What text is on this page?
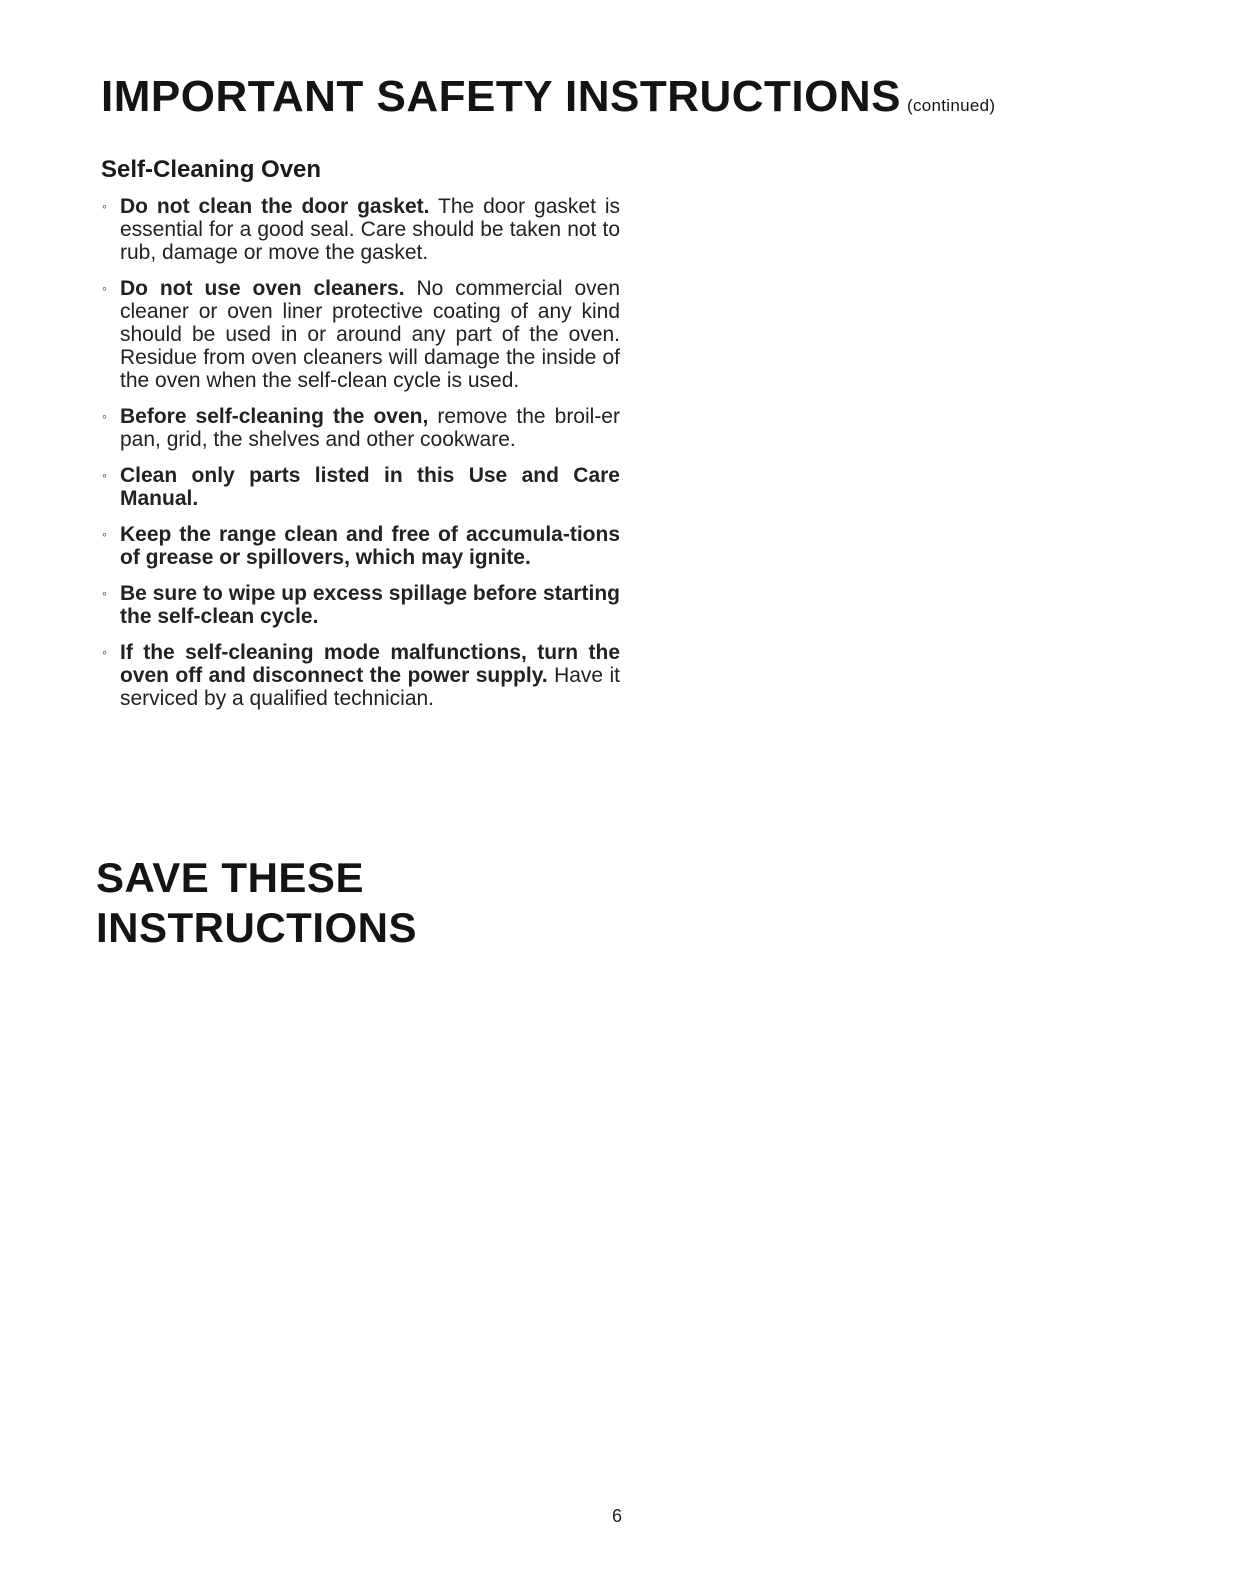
IMPORTANT SAFETY INSTRUCTIONS (continued)
Self-Cleaning Oven
◦ Do not clean the door gasket. The door gasket is essential for a good seal. Care should be taken not to rub, damage or move the gasket.
◦ Do not use oven cleaners. No commercial oven cleaner or oven liner protective coating of any kind should be used in or around any part of the oven. Residue from oven cleaners will damage the inside of the oven when the self-clean cycle is used.
◦ Before self-cleaning the oven, remove the broil-er pan, grid, the shelves and other cookware.
◦ Clean only parts listed in this Use and Care Manual.
◦ Keep the range clean and free of accumula-tions of grease or spillovers, which may ignite.
◦ Be sure to wipe up excess spillage before starting the self-clean cycle.
◦ If the self-cleaning mode malfunctions, turn the oven off and disconnect the power supply. Have it serviced by a qualified technician.
SAVE THESE
INSTRUCTIONS
6
